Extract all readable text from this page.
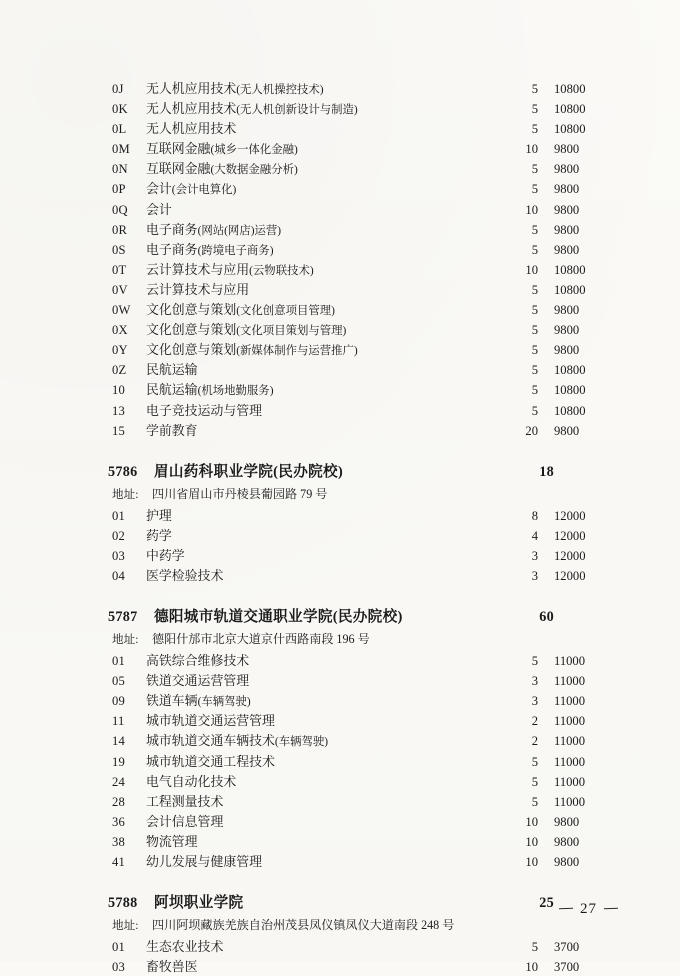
0J	无人机应用技术(无人机操控技术)	5	10800
0K	无人机应用技术(无人机创新设计与制造)	5	10800
0L	无人机应用技术	5	10800
0M	互联网金融(城乡一体化金融)	10	9800
0N	互联网金融(大数据金融分析)	5	9800
0P	会计(会计电算化)	5	9800
0Q	会计	10	9800
0R	电子商务(网站(网店)运营)	5	9800
0S	电子商务(跨境电子商务)	5	9800
0T	云计算技术与应用(云物联技术)	10	10800
0V	云计算技术与应用	5	10800
0W	文化创意与策划(文化创意项目管理)	5	9800
0X	文化创意与策划(文化项目策划与管理)	5	9800
0Y	文化创意与策划(新媒体制作与运营推广)	5	9800
0Z	民航运输	5	10800
10	民航运输(机场地勤服务)	5	10800
13	电子竞技运动与管理	5	10800
15	学前教育	20	9800
5786	眉山药科职业学院(民办院校)	18
地址:	四川省眉山市丹棱县葡园路 79 号
01	护理	8	12000
02	药学	4	12000
03	中药学	3	12000
04	医学检验技术	3	12000
5787	德阳城市轨道交通职业学院(民办院校)	60
地址:	德阳什邡市北京大道京什西路南段 196 号
01	高铁综合维修技术	5	11000
05	铁道交通运营管理	3	11000
09	铁道车辆(车辆驾驶)	3	11000
11	城市轨道交通运营管理	2	11000
14	城市轨道交通车辆技术(车辆驾驶)	2	11000
19	城市轨道交通工程技术	5	11000
24	电气自动化技术	5	11000
28	工程测量技术	5	11000
36	会计信息管理	10	9800
38	物流管理	10	9800
41	幼儿发展与健康管理	10	9800
5788	阿坝职业学院	25
地址:	四川阿坝藏族羌族自治州茂县凤仪镇凤仪大道南段 248 号
01	生态农业技术	5	3700
03	畜牧兽医	10	3700
27
